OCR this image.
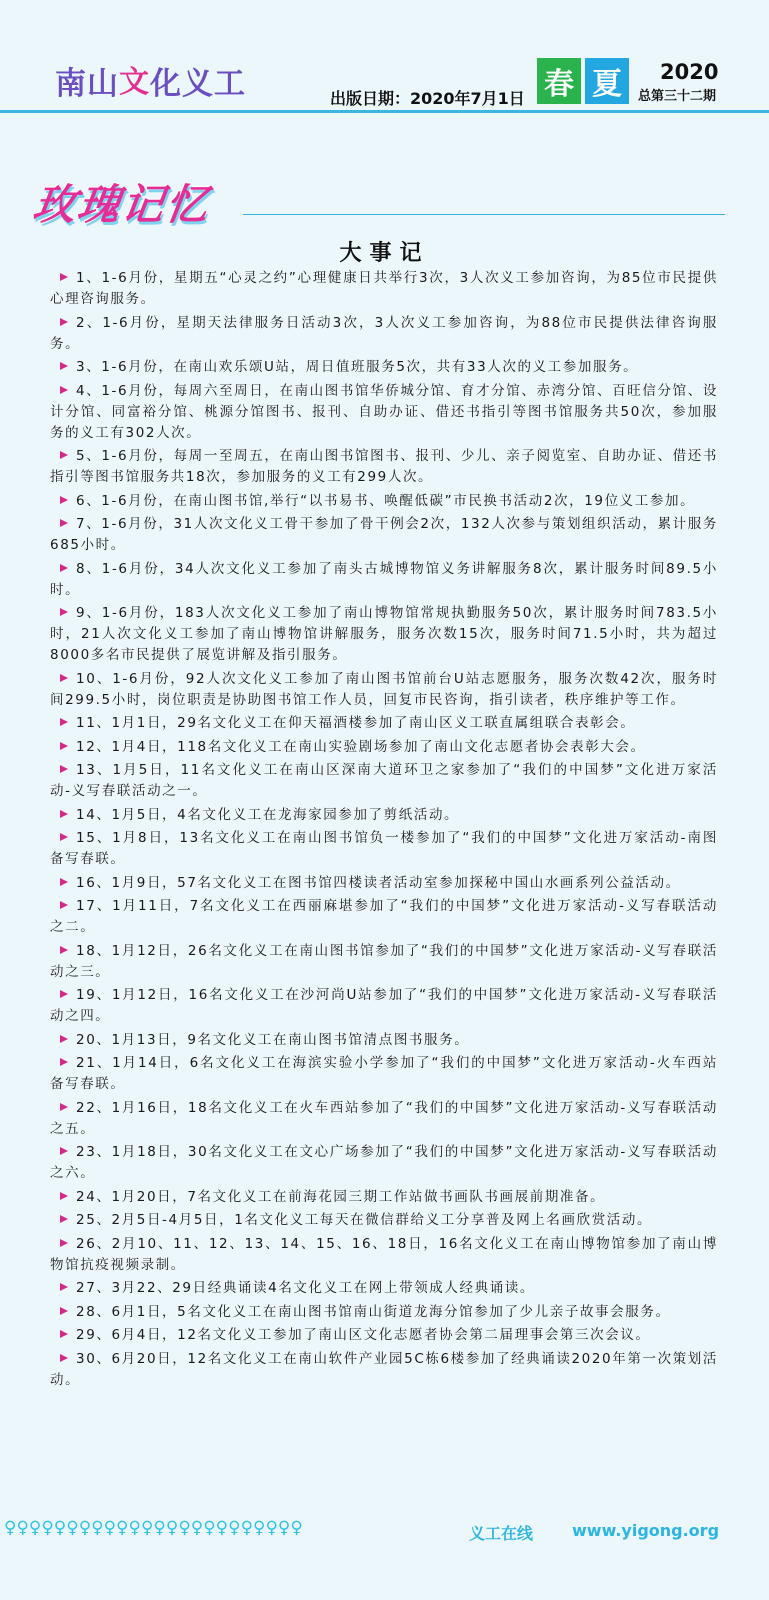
南山文化义工	出版日期：2020年7月1日 春 夏	2020
总第三十二期
玫瑰记忆
大事记
1、1-6月份，星期五“心灵之约”心理健康日共举行3次，3人次义工参加咨询，为85位市民提供心理咨询服务。
2、1-6月份，星期天法律服务日活动3次，3人次义工参加咨询，为88位市民提供法律咨询服务。
3、1-6月份，在南山欢乐颂U站，周日值班服务5次，共有33人次的义工参加服务。
4、1-6月份，每周六至周日，在南山图书馆华侨城分馆、育才分馆、赤湾分馆、百旺信分馆、设计分馆、同富裕分馆、桃源分馆图书、报刊、自助办证、借还书指引等图书馆服务共50次，参加服务的义工有302人次。
5、1-6月份，每周一至周五，在南山图书馆图书、报刊、少儿、亲子阅览室、自助办证、借还书指引等图书馆服务共18次，参加服务的义工有299人次。
6、1-6月份，在南山图书馆,举行“以书易书、唤醒低碳”市民换书活动2次，19位义工参加。
7、1-6月份，31人次文化义工骨干参加了骨干例会2次，132人次参与策划组织活动，累计服务685小时。
8、1-6月份，34人次文化义工参加了南头古城博物馆义务讲解服务8次，累计服务时间89.5小时。
9、1-6月份，183人次文化义工参加了南山博物馆常规执勤服务50次，累计服务时间783.5小时，21人次文化义工参加了南山博物馆讲解服务，服务次数15次，服务时间71.5小时，共为超过8000多名市民提供了展览讲解及指引服务。
10、1-6月份，92人次文化义工参加了南山图书馆前台U站志愿服务，服务次数42次，服务时间299.5小时，岗位职责是协助图书馆工作人员，回复市民咨询，指引读者，秩序维护等工作。
11、1月1日，29名文化义工在仰天福酒楼参加了南山区义工联直属组联合表彰会。
12、1月4日，118名文化义工在南山实验剧场参加了南山文化志愿者协会表彰大会。
13、1月5日，11名文化义工在南山区深南大道环卫之家参加了“我们的中国梦”文化进万家活动-义写春联活动之一。
14、1月5日，4名文化义工在龙海家园参加了剪纸活动。
15、1月8日，13名文化义工在南山图书馆负一楼参加了“我们的中国梦”文化进万家活动-南图备写春联。
16、1月9日，57名文化义工在图书馆四楼读者活动室参加探秘中国山水画系列公益活动。
17、1月11日，7名文化义工在西丽麻堪参加了“我们的中国梦”文化进万家活动-义写春联活动之二。
18、1月12日，26名文化义工在南山图书馆参加了“我们的中国梦”文化进万家活动-义写春联活动之三。
19、1月12日，16名文化义工在沙河尚U站参加了“我们的中国梦”文化进万家活动-义写春联活动之四。
20、1月13日，9名文化义工在南山图书馆清点图书服务。
21、1月14日，6名文化义工在海滨实验小学参加了“我们的中国梦”文化进万家活动-火车西站备写春联。
22、1月16日，18名文化义工在火车西站参加了“我们的中国梦”文化进万家活动-义写春联活动之五。
23、1月18日，30名文化义工在文心广场参加了“我们的中国梦”文化进万家活动-义写春联活动之六。
24、1月20日，7名文化义工在前海花园三期工作站做书画队书画展前期准备。
25、2月5日-4月5日，1名文化义工每天在微信群给义工分享普及网上名画欣赏活动。
26、2月10、11、12、13、14、15、16、18日，16名文化义工在南山博物馆参加了南山博物馆抗疫视频录制。
27、3月22、29日经典诵读4名文化义工在网上带领成人经典诵读。
28、6月1日，5名文化义工在南山图书馆南山街道龙海分馆参加了少儿亲子故事会服务。
29、6月4日，12名文化义工参加了南山区文化志愿者协会第二届理事会第三次会议。
30、6月20日，12名文化义工在南山软件产业园5C栋6楼参加了经典诵读2020年第一次策划活动。
♀♀♀♀♀♀♀♀♀♀♀♀♀♀♀♀♀♀♀♀♀♀♀♀	义工在线 www.yigong.org
